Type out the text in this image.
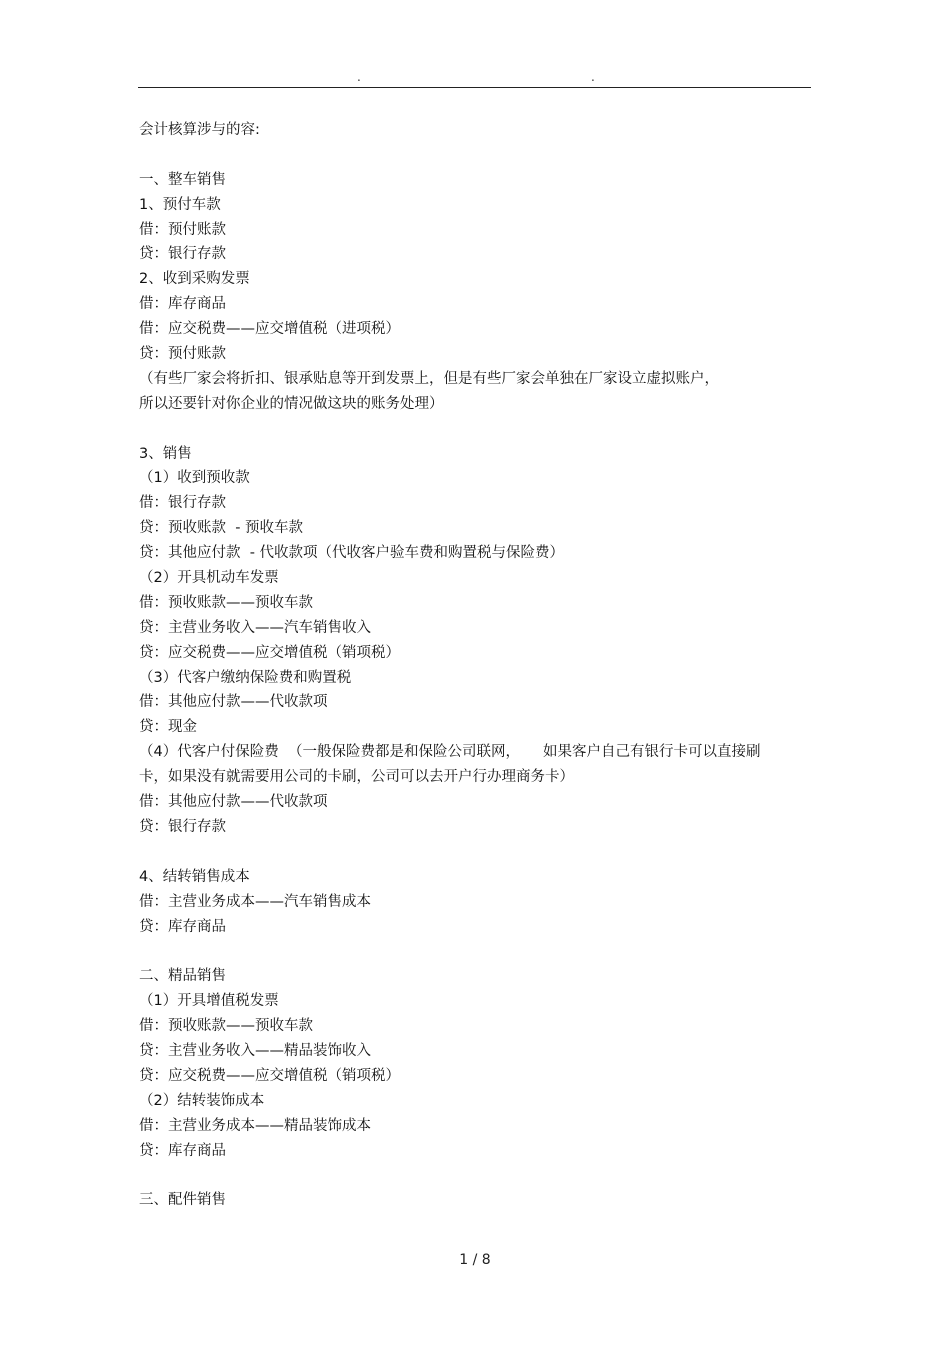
.	.
会计核算涉与的容:
一、整车销售
1、预付车款
借：预付账款
贷：银行存款
2、收到采购发票
借：库存商品
借：应交税费——应交增值税（进项税）
贷：预付账款
（有些厂家会将折扣、银承贴息等开到发票上，但是有些厂家会单独在厂家设立虚拟账户，
所以还要针对你企业的情况做这块的账务处理）
3、销售
（1）收到预收款
借：银行存款
贷：预收账款  - 预收车款
贷：其他应付款  - 代收款项（代收客户验车费和购置税与保险费）
（2）开具机动车发票
借：预收账款——预收车款
贷：主营业务收入——汽车销售收入
贷：应交税费——应交增值税（销项税）
（3）代客户缴纳保险费和购置税
借：其他应付款——代收款项
贷：现金
（4）代客户付保险费  （一般保险费都是和保险公司联网，     如果客户自己有银行卡可以直接刷
卡，如果没有就需要用公司的卡刷，公司可以去开户行办理商务卡）
借：其他应付款——代收款项
贷：银行存款
4、结转销售成本
借：主营业务成本——汽车销售成本
贷：库存商品
二、精品销售
（1）开具增值税发票
借：预收账款——预收车款
贷：主营业务收入——精品装饰收入
贷：应交税费——应交增值税（销项税）
（2）结转装饰成本
借：主营业务成本——精品装饰成本
贷：库存商品
三、配件销售
1 / 8
